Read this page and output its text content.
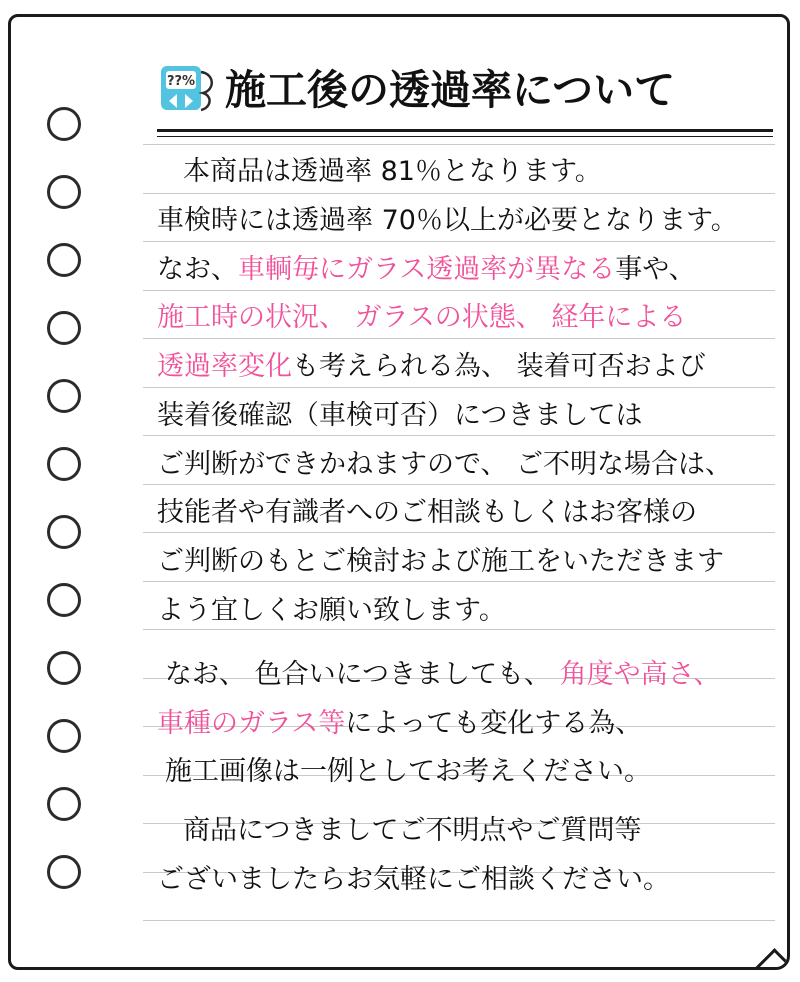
??% 施工後の透過率について
本商品は透過率 81％となります。
車検時には透過率 70％以上が必要となります。
なお、車輌毎にガラス透過率が異なる事や、
施工時の状況、 ガラスの状態、 経年による
透過率変化も考えられる為、 装着可否および
装着後確認（車検可否）につきましては
ご判断ができかねますので、 ご不明な場合は、
技能者や有識者へのご相談もしくはお客様の
ご判断のもとご検討および施工をいただきます
よう宜しくお願い致します。
なお、 色合いにつきましても、 角度や高さ、
車種のガラス等によっても変化する為、
施工画像は一例としてお考えください。
商品につきましてご不明点やご質問等
ございましたらお気軽にご相談ください。
